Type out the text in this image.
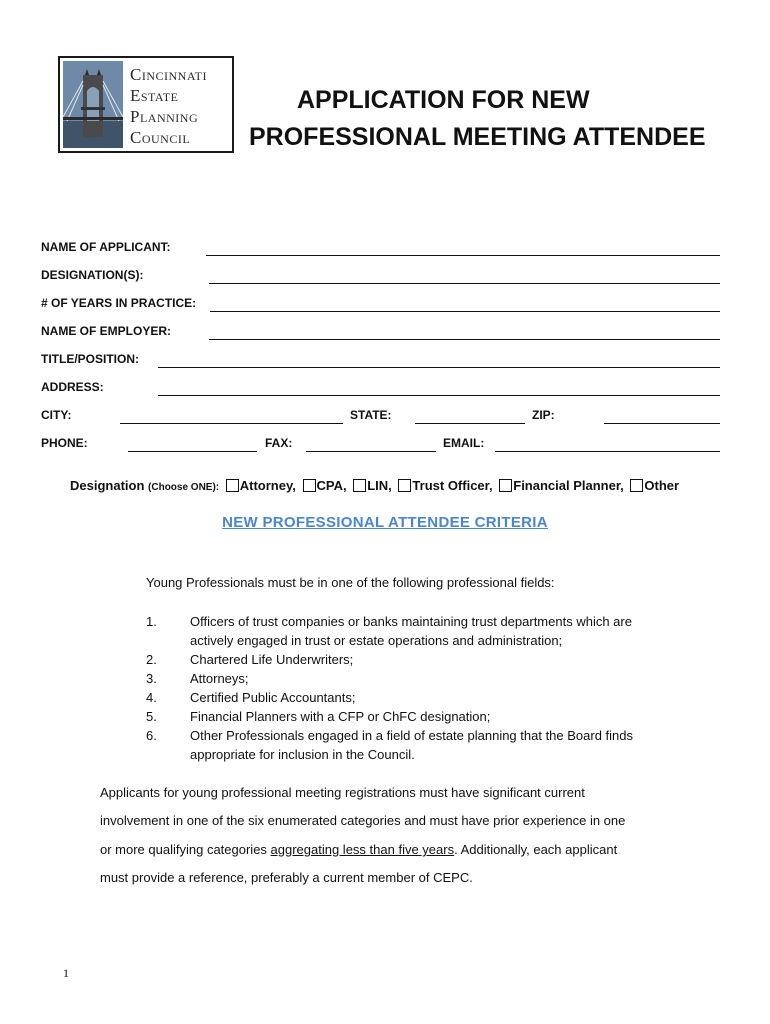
Cincinnati
Estate
Planning
Council
APPLICATION FOR NEW
PROFESSIONAL MEETING ATTENDEE
NAME OF APPLICANT:
DESIGNATION(S):
# OF YEARS IN PRACTICE:
NAME OF EMPLOYER:
TITLE/POSITION:
ADDRESS:
CITY:	STATE:	ZIP:
PHONE:	FAX:	EMAIL:
Designation (Choose ONE): Attorney, CPA, LIN, Trust Officer, Financial Planner, Other
NEW PROFESSIONAL ATTENDEE CRITERIA
Young Professionals must be in one of the following professional fields:
1.	Officers of trust companies or banks maintaining trust departments which are
actively engaged in trust or estate operations and administration;
2.	Chartered Life Underwriters;
3.	Attorneys;
4.	Certified Public Accountants;
5.	Financial Planners with a CFP or ChFC designation;
6.	Other Professionals engaged in a field of estate planning that the Board finds
appropriate for inclusion in the Council.
Applicants for young professional meeting registrations must have significant current
involvement in one of the six enumerated categories and must have prior experience in one
or more qualifying categories aggregating less than five years. Additionally, each applicant
must provide a reference, preferably a current member of CEPC.
1
